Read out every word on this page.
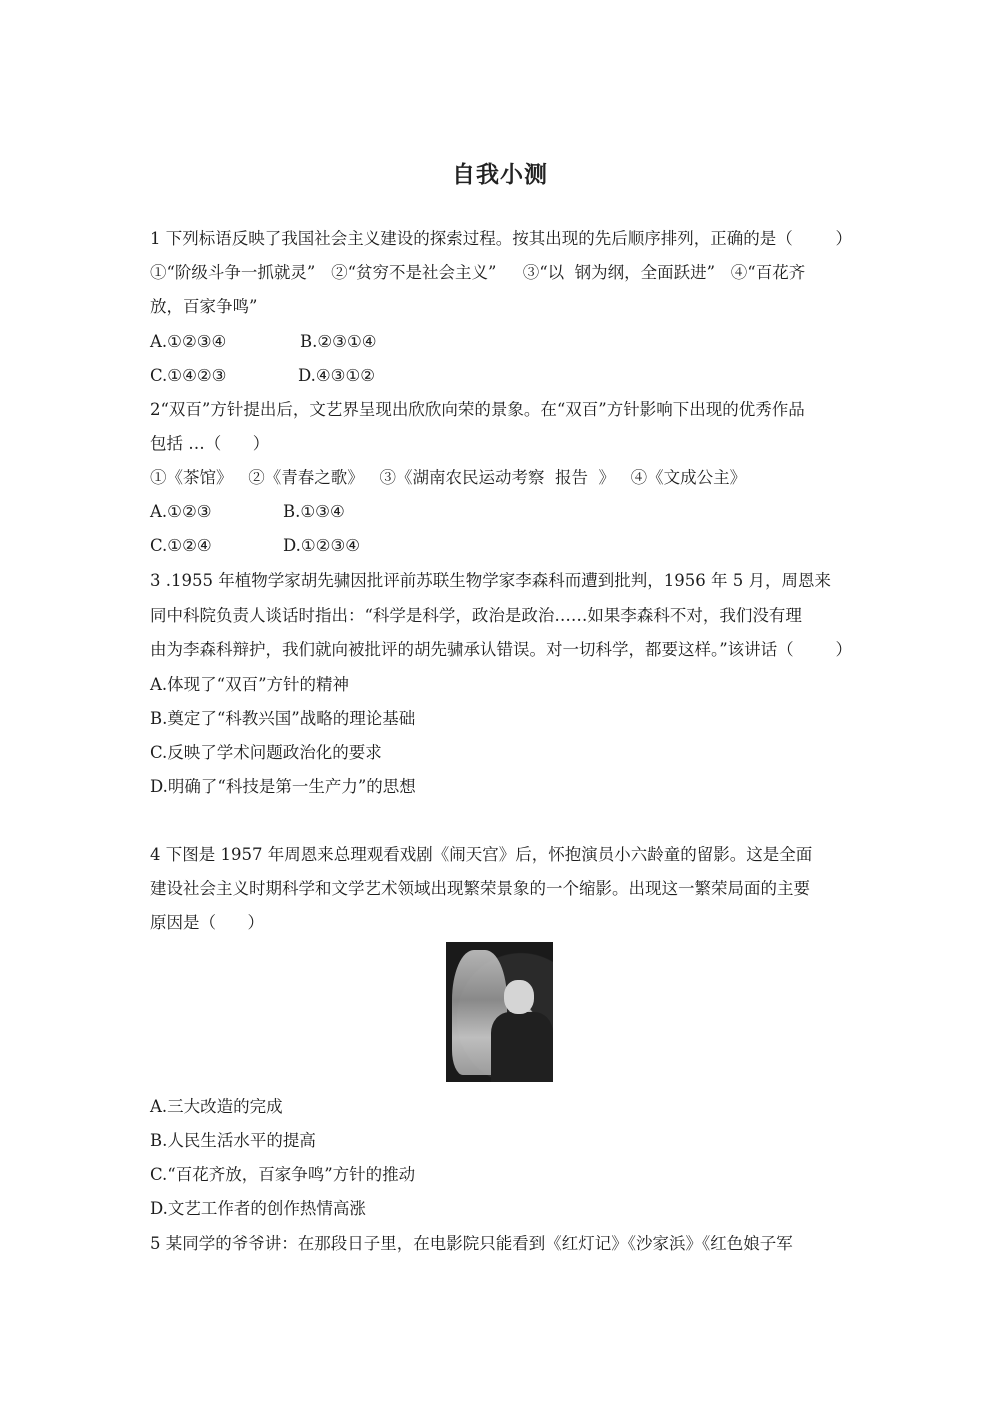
自我小测
1 下列标语反映了我国社会主义建设的探索过程。按其出现的先后顺序排列，正确的是（	）
①“阶级斗争一抓就灵”   ②“贫穷不是社会主义”     ③“以  钢为纲，全面跃进”   ④“百花齐
放，百家争鸣”
A.①②③④	B.②③①④
C.①④②③	D.④③①②
2“双百”方针提出后，文艺界呈现出欣欣向荣的景象。在“双百”方针影响下出现的优秀作品
包括 …（      ）
①《茶馆》   ②《青春之歌》   ③《湖南农民运动考察  报告  》   ④《文成公主》
A.①②③	B.①③④
C.①②④	D.①②③④
3 .1955 年植物学家胡先骕因批评前苏联生物学家李森科而遭到批判，1956 年 5 月，周恩来
同中科院负责人谈话时指出：“科学是科学，政治是政治……如果李森科不对，我们没有理
由为李森科辩护，我们就向被批评的胡先骕承认错误。对一切科学，都要这样。”该讲话（	）
A.体现了“双百”方针的精神
B.奠定了“科教兴国”战略的理论基础
C.反映了学术问题政治化的要求
D.明确了“科技是第一生产力”的思想
4 下图是 1957 年周恩来总理观看戏剧《闹天宫》后，怀抱演员小六龄童的留影。这是全面
建设社会主义时期科学和文学艺术领域出现繁荣景象的一个缩影。出现这一繁荣局面的主要
原因是（      ）
A.三大改造的完成
B.人民生活水平的提高
C.“百花齐放，百家争鸣”方针的推动
D.文艺工作者的创作热情高涨
5 某同学的爷爷讲：在那段日子里，在电影院只能看到《红灯记》《沙家浜》《红色娘子军
